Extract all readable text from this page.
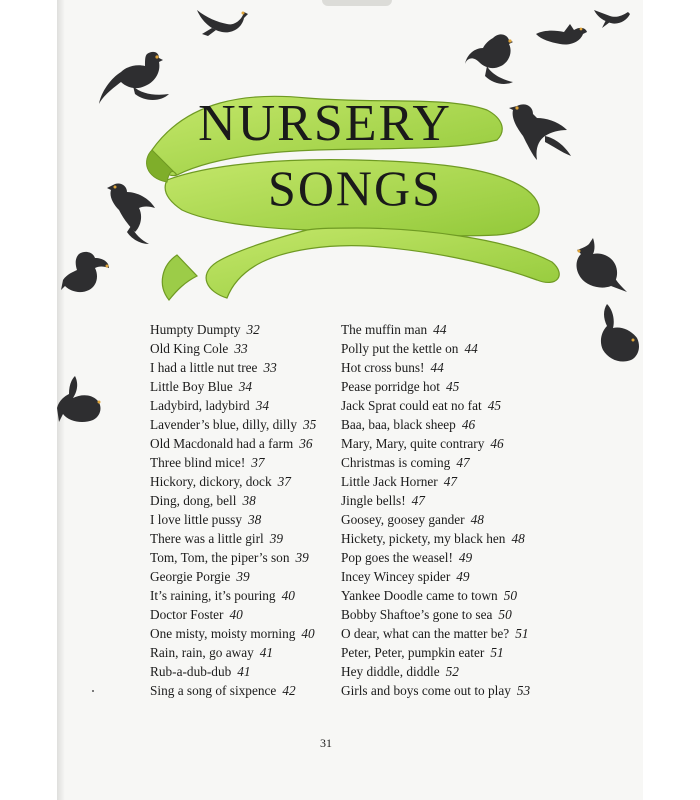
NURSERY
SONGS
Humpty Dumpty 32
Old King Cole 33
I had a little nut tree 33
Little Boy Blue 34
Ladybird, ladybird 34
Lavender’s blue, dilly, dilly 35
Old Macdonald had a farm 36
Three blind mice! 37
Hickory, dickory, dock 37
Ding, dong, bell 38
I love little pussy 38
There was a little girl 39
Tom, Tom, the piper’s son 39
Georgie Porgie 39
It’s raining, it’s pouring 40
Doctor Foster 40
One misty, moisty morning 40
Rain, rain, go away 41
Rub-a-dub-dub 41
Sing a song of sixpence 42
The muffin man 44
Polly put the kettle on 44
Hot cross buns! 44
Pease porridge hot 45
Jack Sprat could eat no fat 45
Baa, baa, black sheep 46
Mary, Mary, quite contrary 46
Christmas is coming 47
Little Jack Horner 47
Jingle bells! 47
Goosey, goosey gander 48
Hickety, pickety, my black hen 48
Pop goes the weasel! 49
Incey Wincey spider 49
Yankee Doodle came to town 50
Bobby Shaftoe’s gone to sea 50
O dear, what can the matter be? 51
Peter, Peter, pumpkin eater 51
Hey diddle, diddle 52
Girls and boys come out to play 53
31
